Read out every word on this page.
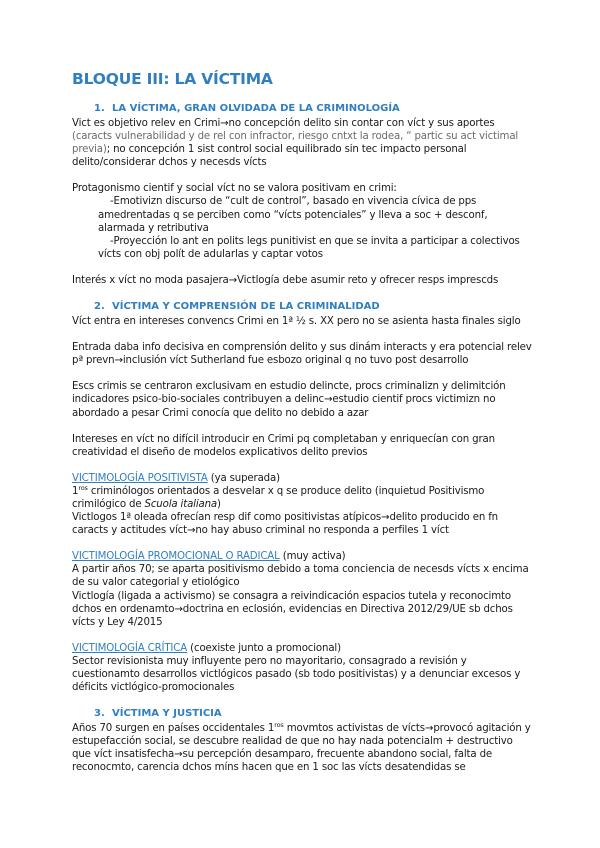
BLOQUE III: LA VÍCTIMA
1. LA VÍCTIMA, GRAN OLVIDADA DE LA CRIMINOLOGÍA

Vict es objetivo relev en Crimi→no concepción delito sin contar con víct y sus aportes (caracts vulnerabilidad y de rel con infractor, riesgo cntxt la rodea, “ partic su act victimal previa); no concepción 1 sist control social equilibrado sin tec impacto personal delito/considerar dchos y necesds vícts

Protagonismo cientif y social víct no se valora positivam en crimi:

-Emotivizn discurso de “cult de control”, basado en vivencia cívica de pps amedrentadas q se perciben como “vícts potenciales” y lleva a soc + desconf, alarmada y retributiva

-Proyección lo ant en polits legs punitivist en que se invita a participar a colectivos vícts con obj polít de adularlas y captar votos

Interés x víct no moda pasajera→Victlogía debe asumir reto y ofrecer resps imprescds

2. VÍCTIMA Y COMPRENSIÓN DE LA CRIMINALIDAD

Víct entra en intereses convencs Crimi en 1ª ½ s. XX pero no se asienta hasta finales siglo

Entrada daba info decisiva en comprensión delito y sus dinám interacts y era potencial relev pª prevn→inclusión víct Sutherland fue esbozo original q no tuvo post desarrollo

Escs crimis se centraron exclusivam en estudio delincte, procs criminalizn y delimitción indicadores psico-bio-sociales contribuyen a delinc→estudio cientif procs victimizn no abordado a pesar Crimi conocía que delito no debido a azar

Intereses en víct no difícil introducir en Crimi pq completaban y enriquecían con gran creatividad el diseño de modelos explicativos delito previos

VICTIMOLOGÍA POSITIVISTA (ya superada)

$1^{ros}$ criminólogos orientados a desvelar x q se produce delito (inquietud Positivismo crimilógico de Scuola italiana)

Victlogos 1ª oleada ofrecían resp dif como positivistas atípicos→delito producido en fn caracts y actitudes víct→no hay abuso criminal no responda a perfiles 1 víct

VICTIMOLOGÍA PROMOCIONAL O RADICAL (muy activa)

A partir años 70; se aparta positivismo debido a toma conciencia de necesds vícts x encima de su valor categorial y etiológico

Victlogía (ligada a activismo) se consagra a reivindicación espacios tutela y reconocimto dchos en ordenamto→doctrina en eclosión, evidencias en Directiva 2012/29/UE sb dchos vícts y Ley 4/2015

VICTIMOLOGÍA CRÍTICA (coexiste junto a promocional)

Sector revisionista muy influyente pero no mayoritario, consagrado a revisión y cuestionamto desarrollos victlógicos pasado (sb todo positivistas) y a denunciar excesos y déficits victlógico-promocionales

3. VÍCTIMA Y JUSTICIA

Años 70 surgen en países occidentales $1^{ros}$ movmtos activistas de vícts→provocó agitación y estupefacción social, se descubre realidad de que no hay nada potencialm + destructivo que víct insatisfecha→su percepción desamparo, frecuente abandono social, falta de reconocmto, carencia dchos míns hacen que en 1 soc las vícts desatendidas se
